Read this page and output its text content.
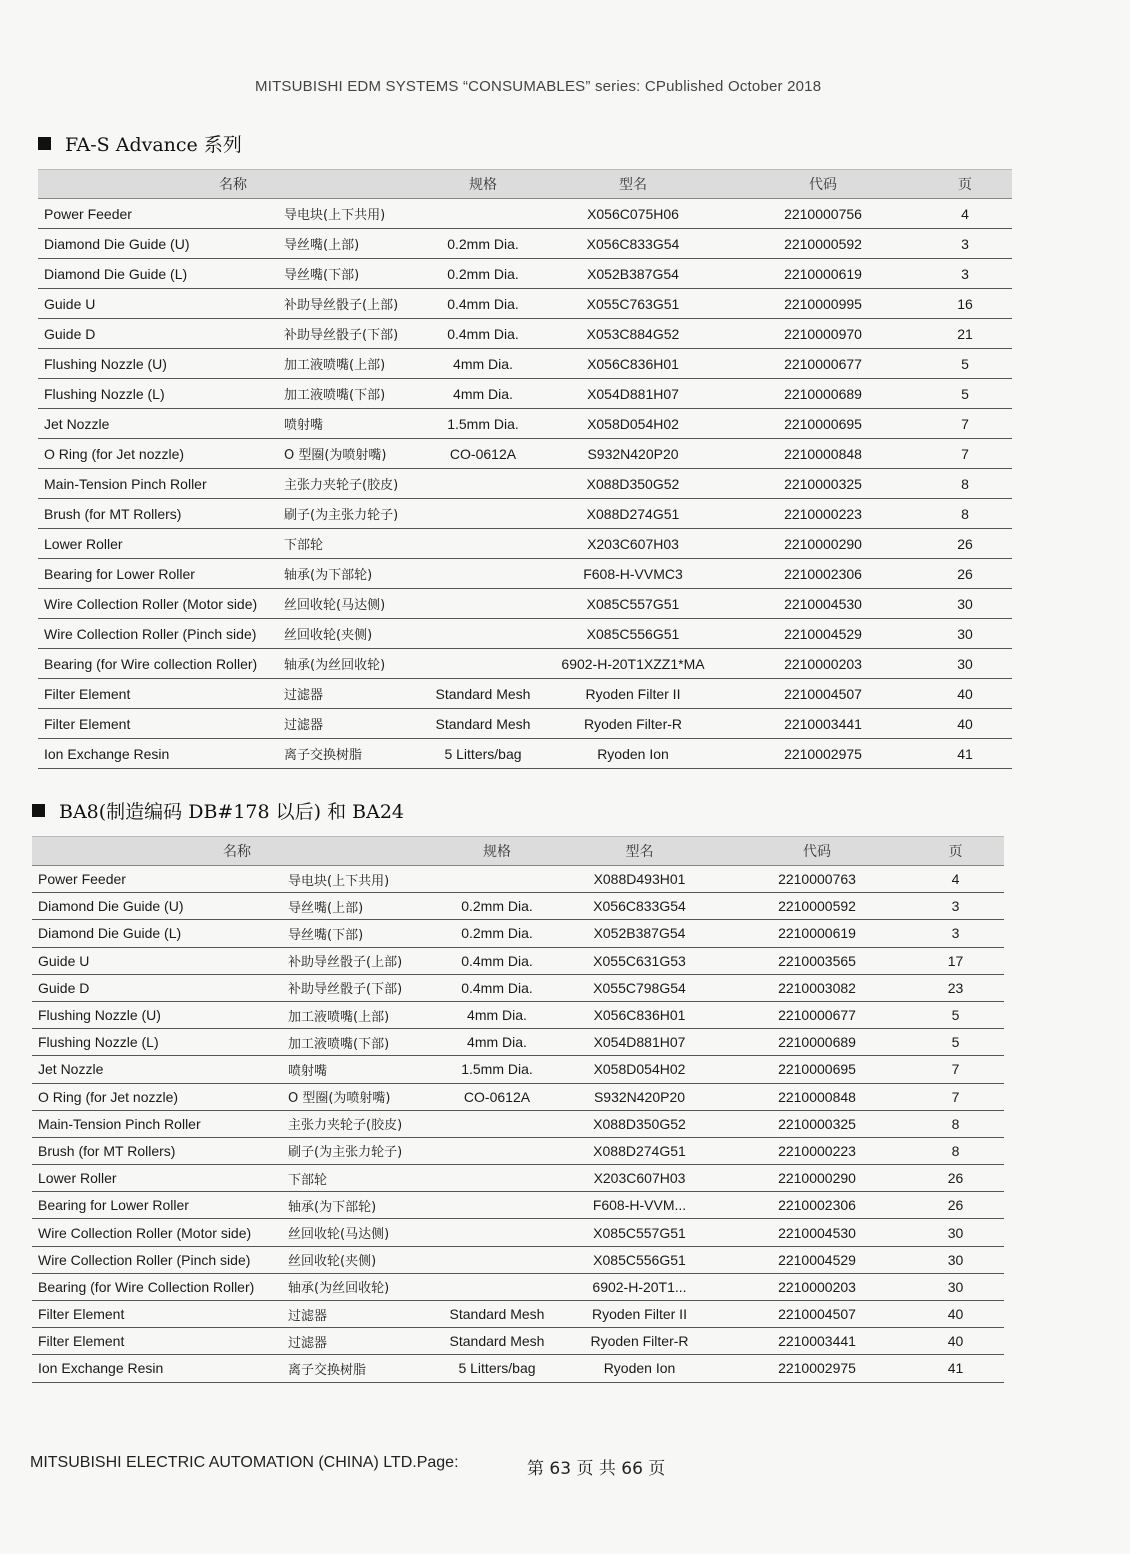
MITSUBISHI EDM SYSTEMS “CONSUMABLES” series: CPublished October 2018
FA-S Advance 系列
名称		规格	型名	代码	页
Power Feeder	导电块(上下共用)		X056C075H06	2210000756	4
Diamond Die Guide (U)	导丝嘴(上部)	0.2mm Dia.	X056C833G54	2210000592	3
Diamond Die Guide (L)	导丝嘴(下部)	0.2mm Dia.	X052B387G54	2210000619	3
Guide U	补助导丝骰子(上部)	0.4mm Dia.	X055C763G51	2210000995	16
Guide D	补助导丝骰子(下部)	0.4mm Dia.	X053C884G52	2210000970	21
Flushing Nozzle (U)	加工液喷嘴(上部)	4mm Dia.	X056C836H01	2210000677	5
Flushing Nozzle (L)	加工液喷嘴(下部)	4mm Dia.	X054D881H07	2210000689	5
Jet Nozzle	喷射嘴	1.5mm Dia.	X058D054H02	2210000695	7
O Ring (for Jet nozzle)	O 型圈(为喷射嘴)	CO-0612A	S932N420P20	2210000848	7
Main-Tension Pinch Roller	主张力夹轮子(胶皮)		X088D350G52	2210000325	8
Brush (for MT Rollers)	刷子(为主张力轮子)		X088D274G51	2210000223	8
Lower Roller	下部轮		X203C607H03	2210000290	26
Bearing for Lower Roller	轴承(为下部轮)		F608-H-VVMC3	2210002306	26
Wire Collection Roller (Motor side)	丝回收轮(马达侧)		X085C557G51	2210004530	30
Wire Collection Roller (Pinch side)	丝回收轮(夹侧)		X085C556G51	2210004529	30
Bearing (for Wire collection Roller)	轴承(为丝回收轮)		6902-H-20T1XZZ1*MA	2210000203	30
Filter Element	过滤器	Standard Mesh	Ryoden Filter II	2210004507	40
Filter Element	过滤器	Standard Mesh	Ryoden Filter-R	2210003441	40
Ion Exchange Resin	离子交换树脂	5 Litters/bag	Ryoden Ion	2210002975	41
BA8(制造编码 DB#178 以后) 和 BA24
名称		规格	型名	代码	页
Power Feeder	导电块(上下共用)		X088D493H01	2210000763	4
Diamond Die Guide (U)	导丝嘴(上部)	0.2mm Dia.	X056C833G54	2210000592	3
Diamond Die Guide (L)	导丝嘴(下部)	0.2mm Dia.	X052B387G54	2210000619	3
Guide U	补助导丝骰子(上部)	0.4mm Dia.	X055C631G53	2210003565	17
Guide D	补助导丝骰子(下部)	0.4mm Dia.	X055C798G54	2210003082	23
Flushing Nozzle (U)	加工液喷嘴(上部)	4mm Dia.	X056C836H01	2210000677	5
Flushing Nozzle (L)	加工液喷嘴(下部)	4mm Dia.	X054D881H07	2210000689	5
Jet Nozzle	喷射嘴	1.5mm Dia.	X058D054H02	2210000695	7
O Ring (for Jet nozzle)	O 型圈(为喷射嘴)	CO-0612A	S932N420P20	2210000848	7
Main-Tension Pinch Roller	主张力夹轮子(胶皮)		X088D350G52	2210000325	8
Brush (for MT Rollers)	刷子(为主张力轮子)		X088D274G51	2210000223	8
Lower Roller	下部轮		X203C607H03	2210000290	26
Bearing for Lower Roller	轴承(为下部轮)		F608-H-VVM...	2210002306	26
Wire Collection Roller (Motor side)	丝回收轮(马达侧)		X085C557G51	2210004530	30
Wire Collection Roller (Pinch side)	丝回收轮(夹侧)		X085C556G51	2210004529	30
Bearing (for Wire Collection Roller)	轴承(为丝回收轮)		6902-H-20T1...	2210000203	30
Filter Element	过滤器	Standard Mesh	Ryoden Filter II	2210004507	40
Filter Element	过滤器	Standard Mesh	Ryoden Filter-R	2210003441	40
Ion Exchange Resin	离子交换树脂	5 Litters/bag	Ryoden Ion	2210002975	41
MITSUBISHI ELECTRIC AUTOMATION (CHINA) LTD.Page:	第 63 页 共 66 页
